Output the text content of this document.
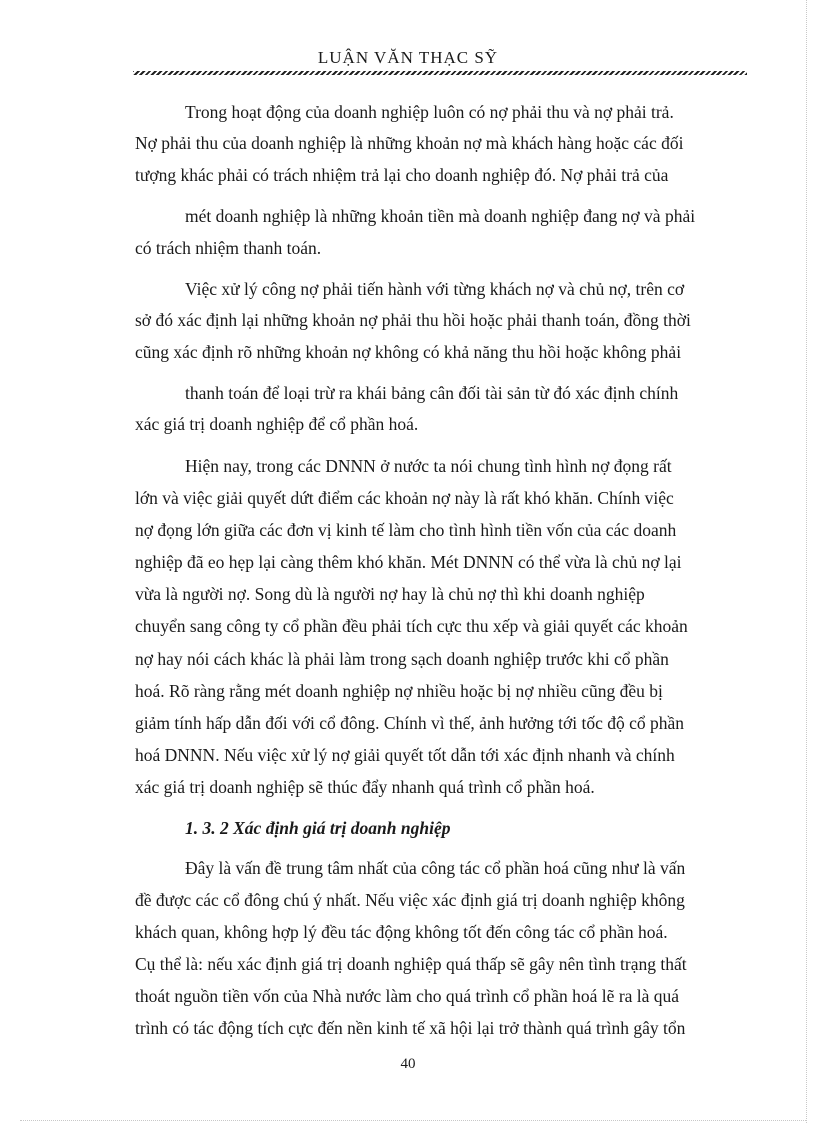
LUẬN VĂN THẠC SỸ
Trong hoạt động của doanh nghiệp luôn có nợ phải thu và nợ phải trả.
Nợ phải thu của doanh nghiệp là những khoản nợ mà khách hàng hoặc các đối
tượng khác phải có trách nhiệm trả lại cho doanh nghiệp đó. Nợ phải trả của
mét doanh nghiệp là những khoản tiền mà doanh nghiệp đang nợ và phải
có trách nhiệm thanh toán.
Việc xử lý công nợ phải tiến hành với từng khách nợ và chủ nợ, trên cơ
sở đó xác định lại những khoản nợ phải thu hồi hoặc phải thanh toán, đồng thời
cũng xác định rõ những khoản nợ không có khả năng thu hồi hoặc không phải
thanh toán để loại trừ ra khái bảng cân đối tài sản từ đó xác định chính
xác giá trị doanh nghiệp để cổ phần hoá.
Hiện nay, trong các DNNN ở nước ta nói chung tình hình nợ đọng rất
lớn và việc giải quyết dứt điểm các khoản nợ này là rất khó khăn. Chính việc
nợ đọng lớn giữa các đơn vị kinh tế làm cho tình hình tiền vốn của các doanh
nghiệp đã eo hẹp lại càng thêm khó khăn. Mét DNNN có thể vừa là chủ nợ lại
vừa là người nợ. Song dù là người nợ hay là chủ nợ thì khi doanh nghiệp
chuyển sang công ty cổ phần đều phải tích cực thu xếp và giải quyết các khoản
nợ hay nói cách khác là phải làm trong sạch doanh nghiệp trước khi cổ phần
hoá. Rõ ràng rằng mét doanh nghiệp nợ nhiều hoặc bị nợ nhiều cũng đều bị
giảm tính hấp dẫn đối với cổ đông. Chính vì thế, ảnh hưởng tới tốc độ cổ phần
hoá DNNN. Nếu việc xử lý nợ giải quyết tốt dẫn tới xác định nhanh và chính
xác giá trị doanh nghiệp sẽ thúc đẩy nhanh quá trình cổ phần hoá.
1. 3. 2 Xác định giá trị doanh nghiệp
Đây là vấn đề trung tâm nhất của công tác cổ phần hoá cũng như là vấn
đề được các cổ đông chú ý nhất. Nếu việc xác định giá trị doanh nghiệp không
khách quan, không hợp lý đều tác động không tốt đến công tác cổ phần hoá.
Cụ thể là: nếu xác định giá trị doanh nghiệp quá thấp sẽ gây nên tình trạng thất
thoát nguồn tiền vốn của Nhà nước làm cho quá trình cổ phần hoá lẽ ra là quá
trình có tác động tích cực đến nền kinh tế xã hội lại trở thành quá trình gây tổn
40
